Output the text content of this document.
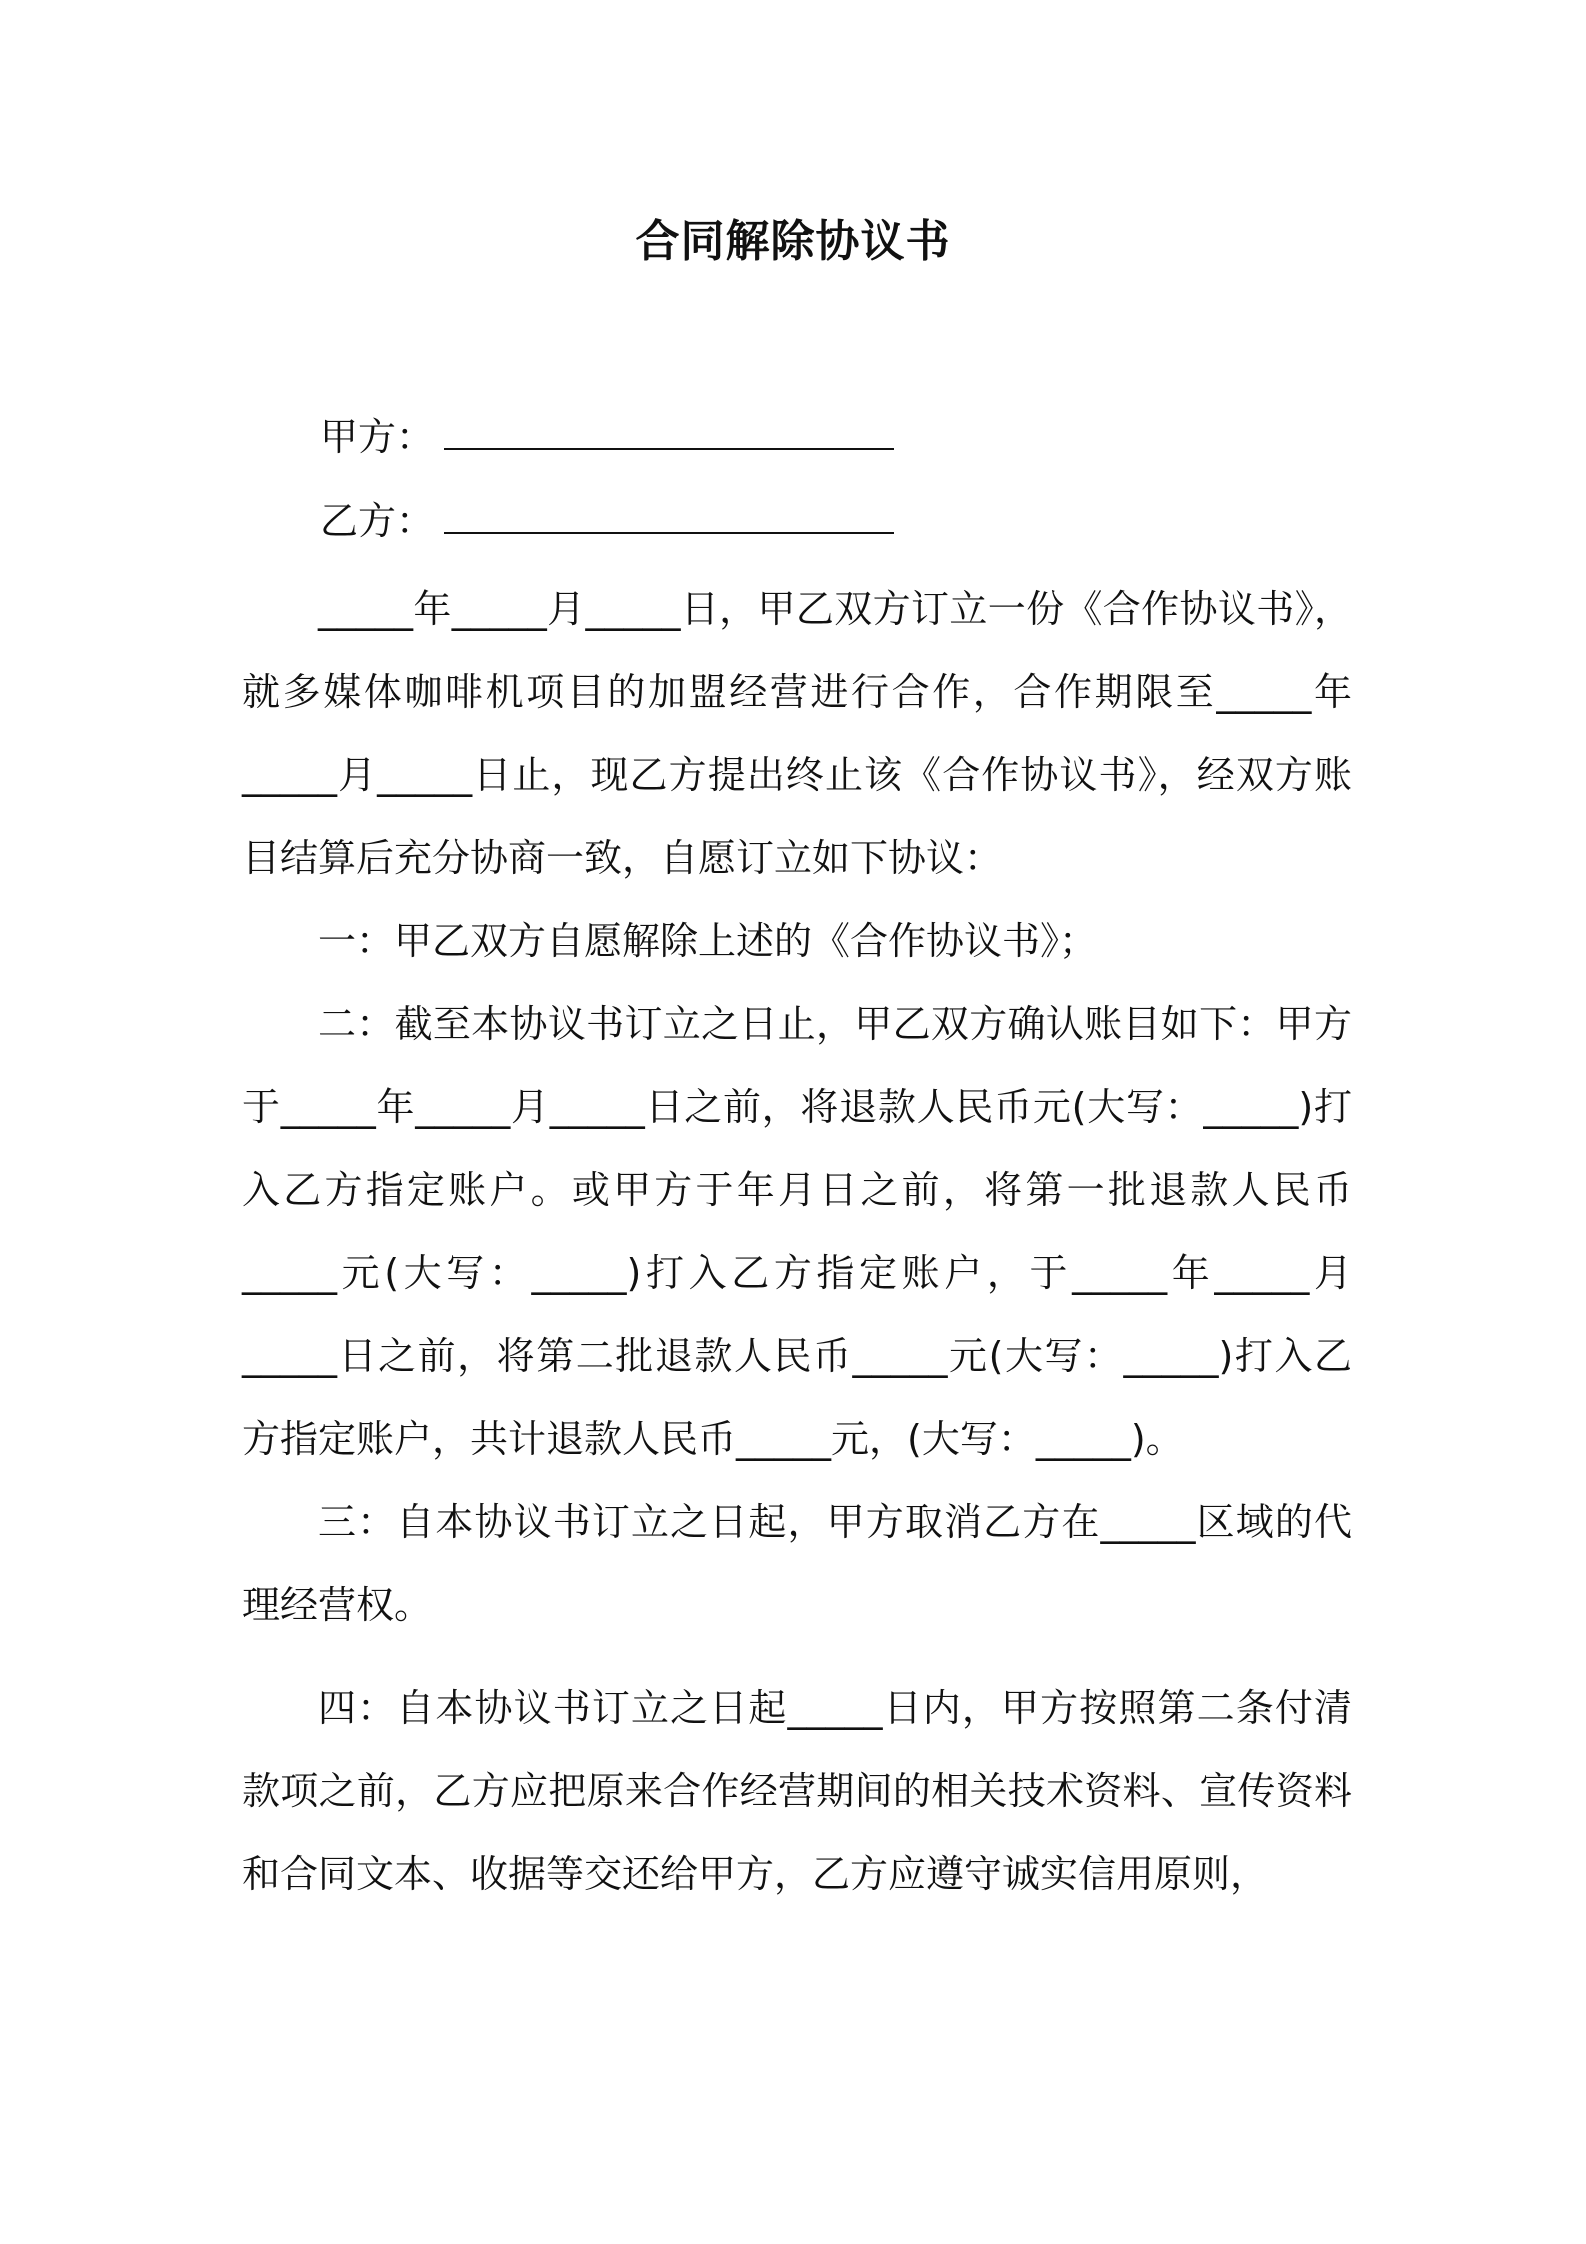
合同解除协议书
甲方：
乙方：

_____年_____月_____日，甲乙双方订立一份《合作协议书》，就多媒体咖啡机项目的加盟经营进行合作，合作期限至_____年_____月_____日止，现乙方提出终止该《合作协议书》，经双方账目结算后充分协商一致，自愿订立如下协议：

一：甲乙双方自愿解除上述的《合作协议书》；

二：截至本协议书订立之日止，甲乙双方确认账目如下：甲方于_____年_____月_____日之前，将退款人民币元(大写：_____)打入乙方指定账户。或甲方于年月日之前，将第一批退款人民币_____元(大写：_____)打入乙方指定账户，于_____年_____月_____日之前，将第二批退款人民币_____元(大写：_____)打入乙方指定账户，共计退款人民币_____元，(大写：_____)。

三：自本协议书订立之日起，甲方取消乙方在_____区域的代理经营权。

四：自本协议书订立之日起_____日内，甲方按照第二条付清款项之前，乙方应把原来合作经营期间的相关技术资料、宣传资料和合同文本、收据等交还给甲方，乙方应遵守诚实信用原则，
